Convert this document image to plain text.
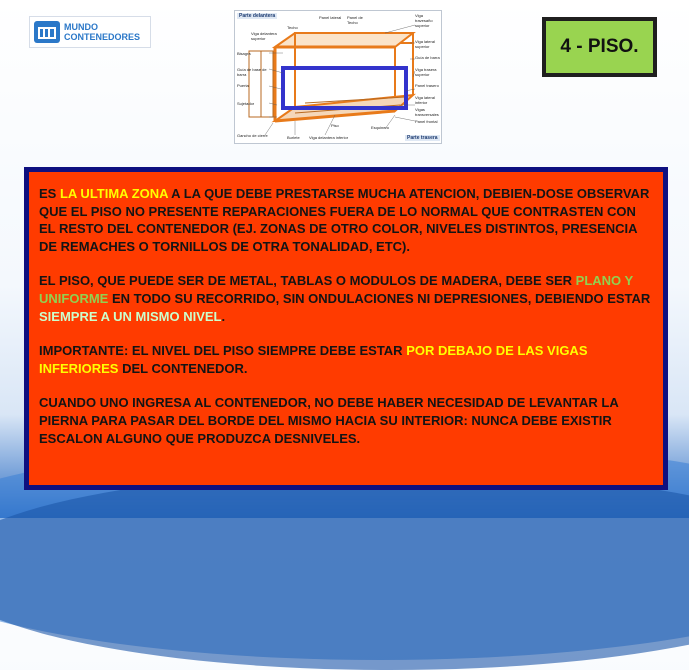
MUNDO
CONTENEDORES
Parte delantera
Parte trasera
Techo
Panel lateral	Panel de Techo
Viga travesaño superior
Viga delantera superior
Viga lateral superior
Bisagra
Guía de barra
Viga trasera superior
Guía de base de barra
Puerta	Panel trasero
Sujetador
Viga lateral inferior
Vigas transversales
Panel frontal
Gancho de cierre	Burlete Viga delantera inferior
Esquinero
Piso
4 - PISO.

ES LA ULTIMA ZONA A LA QUE DEBE PRESTARSE MUCHA ATENCION, DEBIEN-DOSE OBSERVAR QUE EL PISO NO PRESENTE REPARACIONES FUERA DE LO NORMAL QUE CONTRASTEN CON EL RESTO DEL CONTENEDOR (EJ. ZONAS DE OTRO COLOR, NIVELES DISTINTOS, PRESENCIA DE REMACHES O TORNILLOS DE OTRA TONALIDAD, ETC).

EL PISO, QUE PUEDE SER DE METAL, TABLAS O MODULOS DE MADERA, DEBE SER PLANO Y UNIFORME EN TODO SU RECORRIDO, SIN ONDULACIONES NI DEPRESIONES, DEBIENDO ESTAR SIEMPRE A UN MISMO NIVEL.

IMPORTANTE: EL NIVEL DEL PISO SIEMPRE DEBE ESTAR POR DEBAJO DE LAS VIGAS INFERIORES DEL CONTENEDOR.

CUANDO UNO INGRESA AL CONTENEDOR, NO DEBE HABER NECESIDAD DE LEVANTAR LA PIERNA PARA PASAR DEL BORDE DEL MISMO HACIA SU INTERIOR: NUNCA DEBE EXISTIR ESCALON ALGUNO QUE PRODUZCA DESNIVELES.
